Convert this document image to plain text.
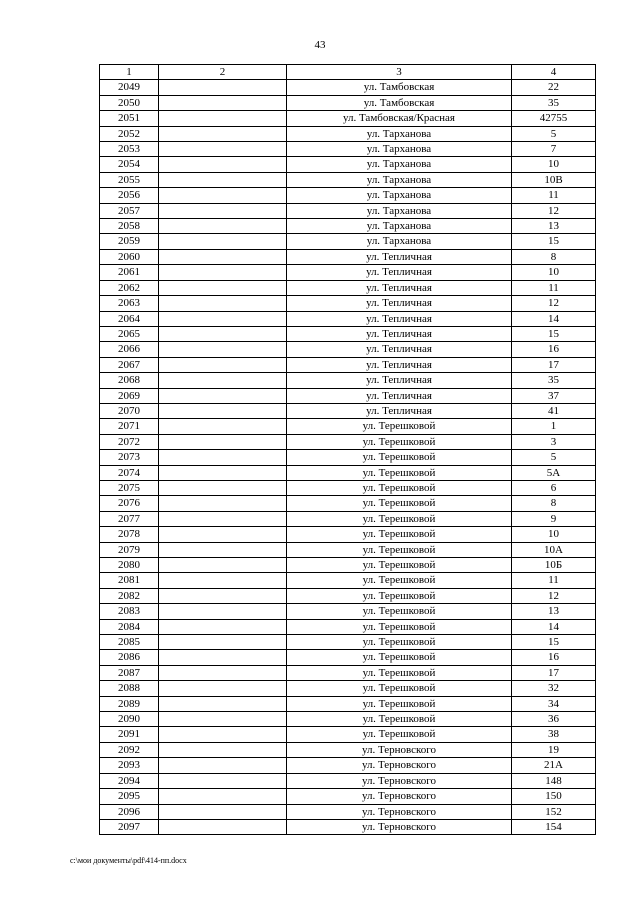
43
1	2	3	4
2049		ул. Тамбовская	22
2050		ул. Тамбовская	35
2051		ул. Тамбовская/Красная	42755
2052		ул. Тарханова	5
2053		ул. Тарханова	7
2054		ул. Тарханова	10
2055		ул. Тарханова	10В
2056		ул. Тарханова	11
2057		ул. Тарханова	12
2058		ул. Тарханова	13
2059		ул. Тарханова	15
2060		ул. Тепличная	8
2061		ул. Тепличная	10
2062		ул. Тепличная	11
2063		ул. Тепличная	12
2064		ул. Тепличная	14
2065		ул. Тепличная	15
2066		ул. Тепличная	16
2067		ул. Тепличная	17
2068		ул. Тепличная	35
2069		ул. Тепличная	37
2070		ул. Тепличная	41
2071		ул. Терешковой	1
2072		ул. Терешковой	3
2073		ул. Терешковой	5
2074		ул. Терешковой	5А
2075		ул. Терешковой	6
2076		ул. Терешковой	8
2077		ул. Терешковой	9
2078		ул. Терешковой	10
2079		ул. Терешковой	10А
2080		ул. Терешковой	10Б
2081		ул. Терешковой	11
2082		ул. Терешковой	12
2083		ул. Терешковой	13
2084		ул. Терешковой	14
2085		ул. Терешковой	15
2086		ул. Терешковой	16
2087		ул. Терешковой	17
2088		ул. Терешковой	32
2089		ул. Терешковой	34
2090		ул. Терешковой	36
2091		ул. Терешковой	38
2092		ул. Терновского	19
2093		ул. Терновского	21А
2094		ул. Терновского	148
2095		ул. Терновского	150
2096		ул. Терновского	152
2097		ул. Терновского	154
c:\мои документы\pdf\414-пп.docx
